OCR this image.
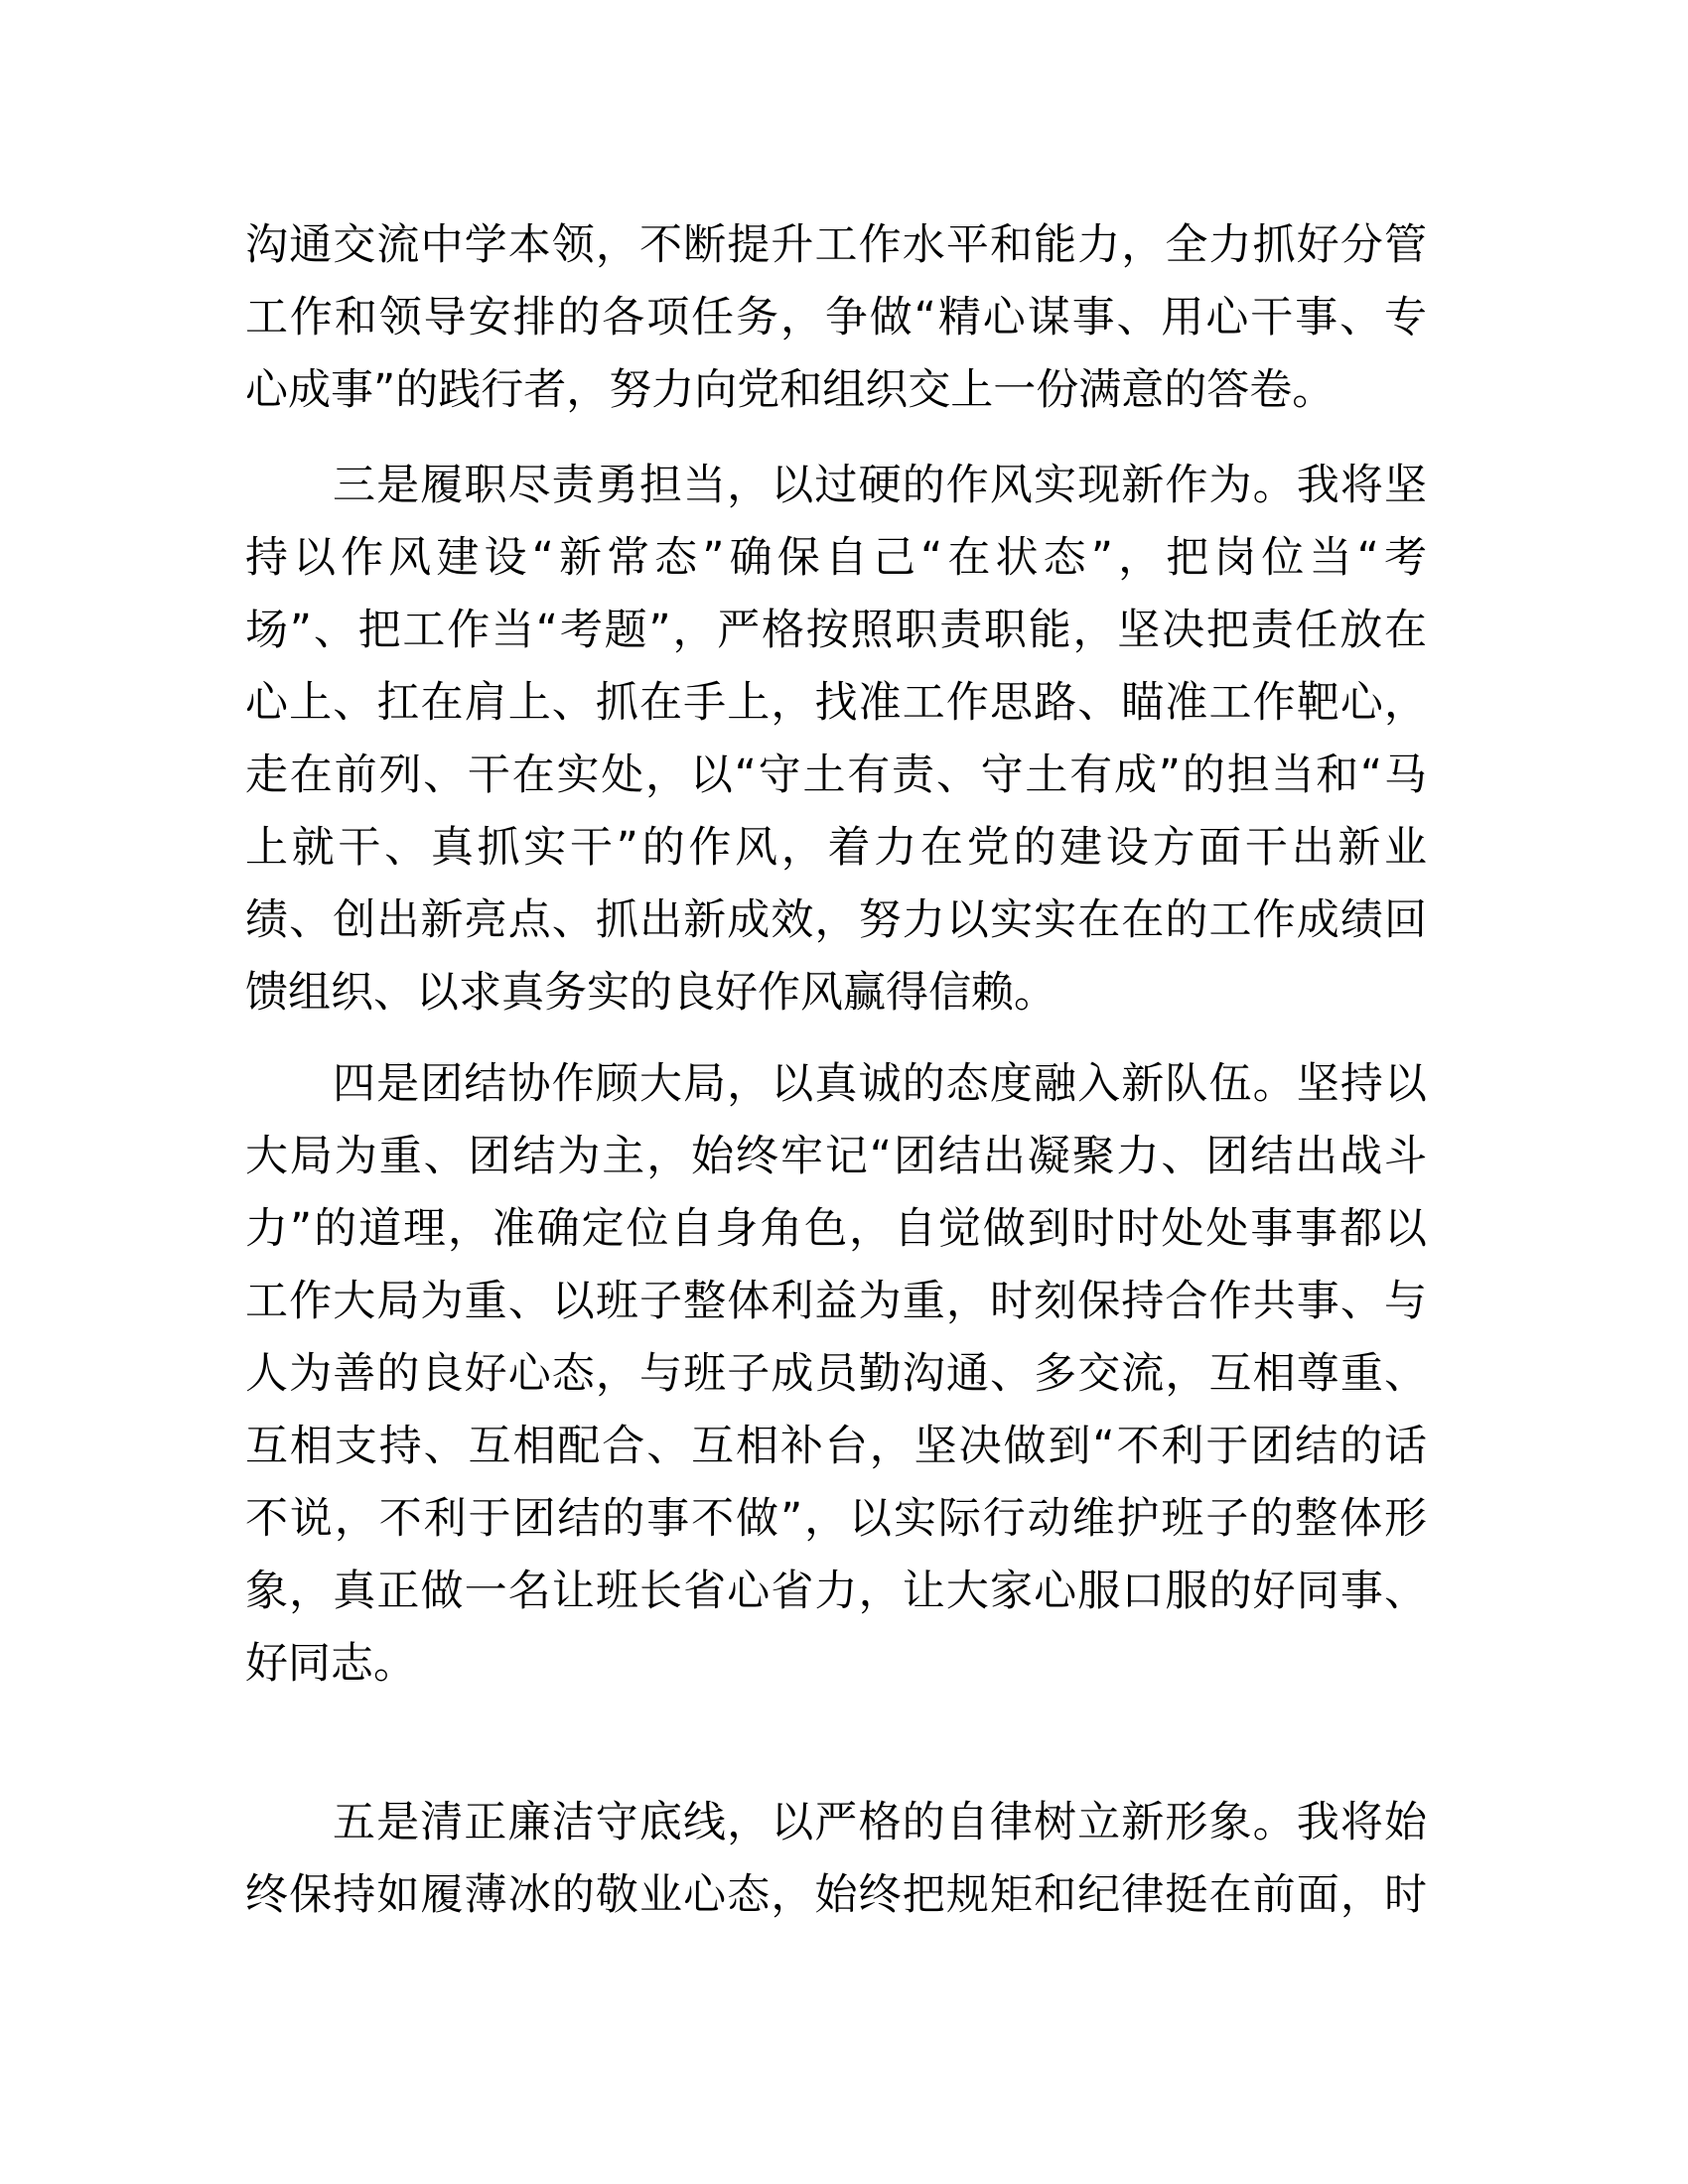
沟通交流中学本领，不断提升工作水平和能力，全力抓好分管
工作和领导安排的各项任务，争做“精心谋事、用心干事、专
心成事”的践行者，努力向党和组织交上一份满意的答卷。
三是履职尽责勇担当，以过硬的作风实现新作为。我将坚
持以作风建设“新常态”确保自己“在状态”，把岗位当“考
场”、把工作当“考题”，严格按照职责职能，坚决把责任放在
心上、扛在肩上、抓在手上，找准工作思路、瞄准工作靶心，
走在前列、干在实处，以“守土有责、守土有成”的担当和“马
上就干、真抓实干”的作风，着力在党的建设方面干出新业
绩、创出新亮点、抓出新成效，努力以实实在在的工作成绩回
馈组织、以求真务实的良好作风赢得信赖。
四是团结协作顾大局，以真诚的态度融入新队伍。坚持以
大局为重、团结为主，始终牢记“团结出凝聚力、团结出战斗
力”的道理，准确定位自身角色，自觉做到时时处处事事都以
工作大局为重、以班子整体利益为重，时刻保持合作共事、与
人为善的良好心态，与班子成员勤沟通、多交流，互相尊重、
互相支持、互相配合、互相补台，坚决做到“不利于团结的话
不说，不利于团结的事不做”，以实际行动维护班子的整体形
象，真正做一名让班长省心省力，让大家心服口服的好同事、
好同志。
五是清正廉洁守底线，以严格的自律树立新形象。我将始
终保持如履薄冰的敬业心态，始终把规矩和纪律挺在前面，时
